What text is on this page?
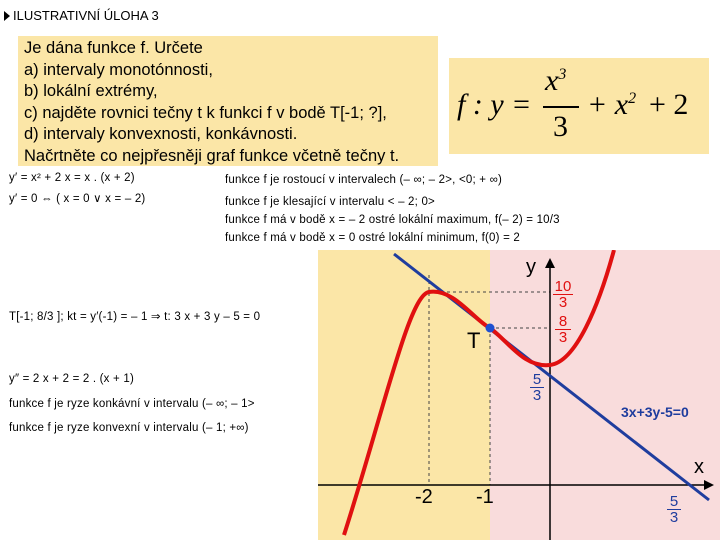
ILUSTRATIVNÍ ÚLOHA 3
Je dána funkce f. Určete
a) intervaly monotónnosti,
b) lokální extrémy,
c) najděte rovnici tečny t k funkci f v bodě T[-1; ?],
d) intervaly konvexnosti, konkávnosti.
Načrtněte co nejpřesněji graf funkce včetně tečny t.
f : y =
$x^3$
3
+ $x^2 + 2$
y′ = x² + 2 x = x . (x + 2)
y′ = 0 ⇔ ( x = 0 ∨ x = – 2)
funkce f je rostoucí v intervalech (– ∞; – 2>, <0; + ∞)
funkce f je klesající v intervalu < – 2; 0>
funkce f má v bodě x = – 2 ostré lokální maximum, f(– 2) = 10/3
funkce f má v bodě x = 0 ostré lokální minimum, f(0) = 2
T[-1; 8/3 ]; kt = y′(-1) = – 1 ⇒ t: 3 x + 3 y – 5 = 0
y″ = 2 x + 2 = 2 . (x + 1)
funkce f je ryze konkávní v intervalu (– ∞; – 1>
funkce f je ryze konvexní v intervalu (– 1; +∞)
y
x
T
-2 -1
10
3
8
3
5
3
5
3
3x+3y-5=0
